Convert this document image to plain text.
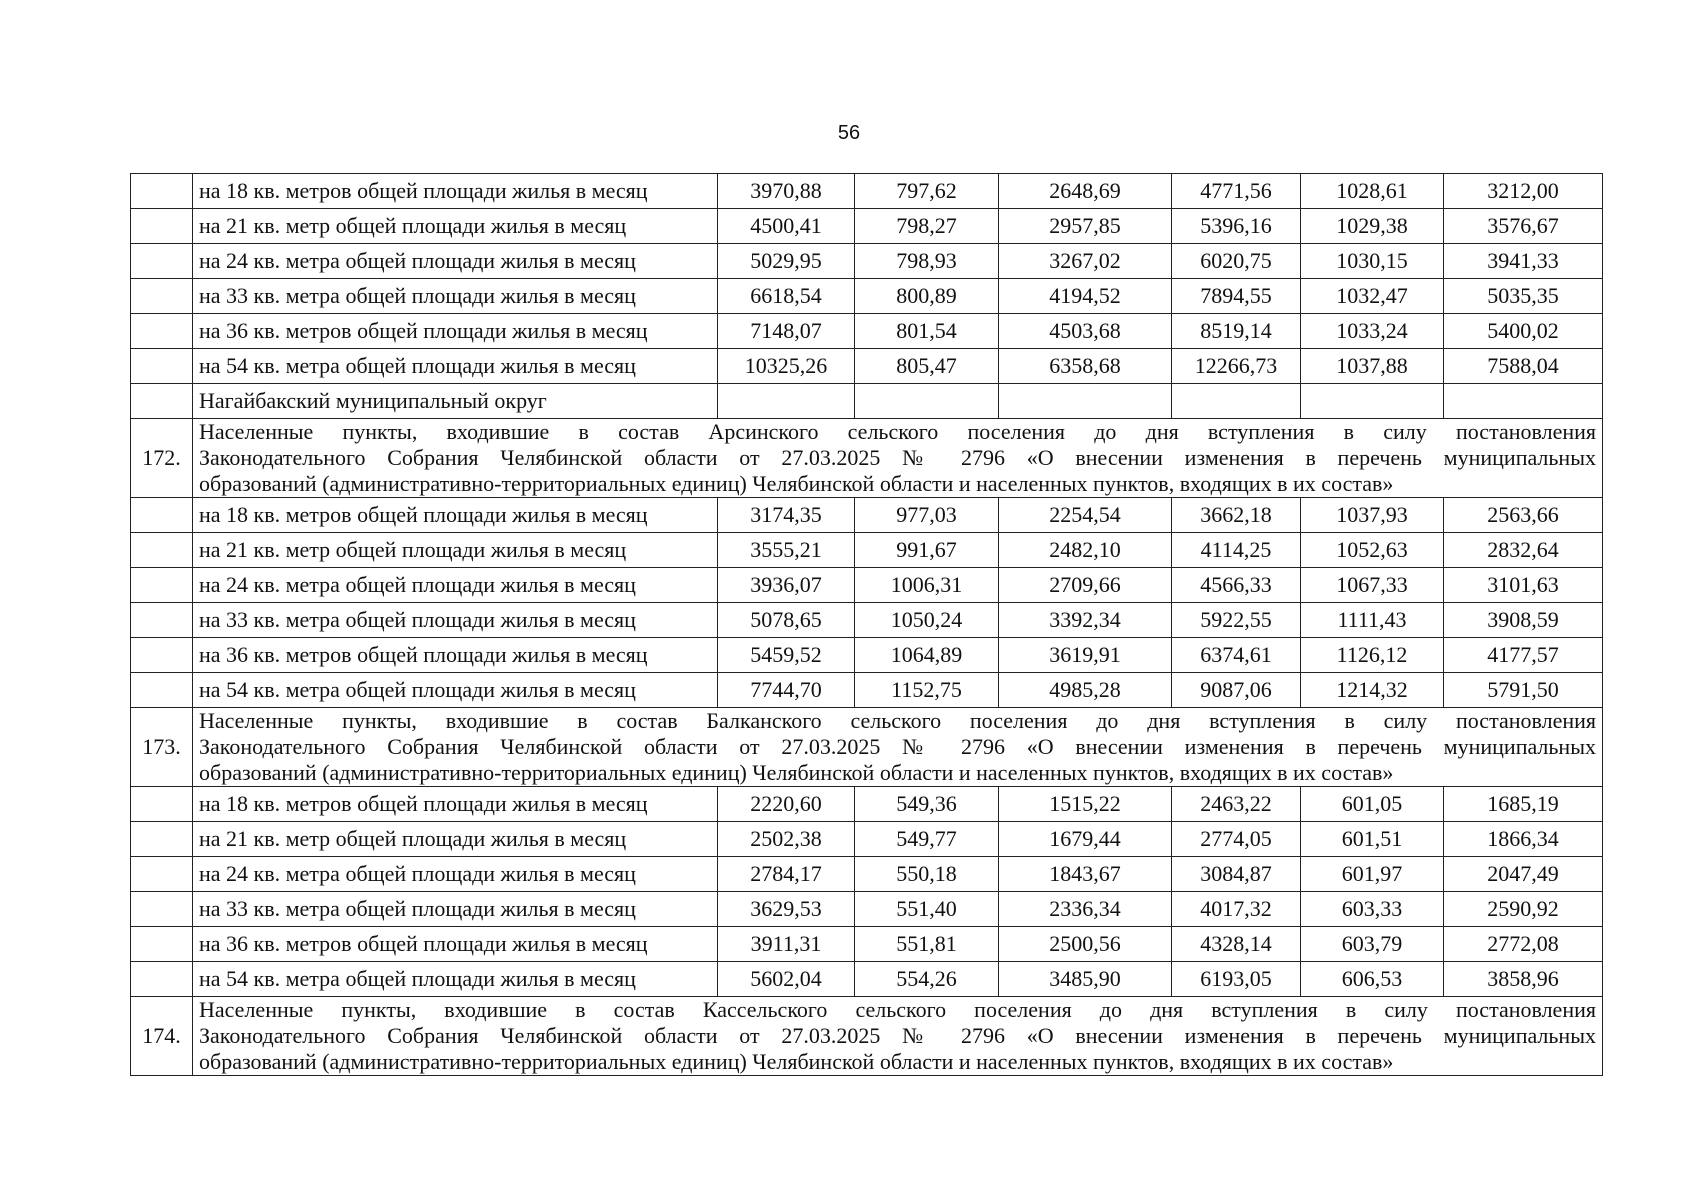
56
	на 18 кв. метров общей площади жилья в месяц	3970,88	797,62	2648,69	4771,56	1028,61	3212,00
	на 21 кв. метр общей площади жилья в месяц	4500,41	798,27	2957,85	5396,16	1029,38	3576,67
	на 24 кв. метра общей площади жилья в месяц	5029,95	798,93	3267,02	6020,75	1030,15	3941,33
	на 33 кв. метра общей площади жилья в месяц	6618,54	800,89	4194,52	7894,55	1032,47	5035,35
	на 36 кв. метров общей площади жилья в месяц	7148,07	801,54	4503,68	8519,14	1033,24	5400,02
	на 54 кв. метра общей площади жилья в месяц	10325,26	805,47	6358,68	12266,73	1037,88	7588,04
	Нагайбакский муниципальный округ						
172.	Населенные пункты, входившие в состав Арсинского сельского поселения до дня вступления в силу постановления
Законодательного Собрания Челябинской области от 27.03.2025 № 2796 «О внесении изменения в перечень муниципальных
образований (административно-территориальных единиц) Челябинской области и населенных пунктов, входящих в их состав»						

	на 18 кв. метров общей площади жилья в месяц	3174,35	977,03	2254,54	3662,18	1037,93	2563,66
	на 21 кв. метр общей площади жилья в месяц	3555,21	991,67	2482,10	4114,25	1052,63	2832,64
	на 24 кв. метра общей площади жилья в месяц	3936,07	1006,31	2709,66	4566,33	1067,33	3101,63
	на 33 кв. метра общей площади жилья в месяц	5078,65	1050,24	3392,34	5922,55	1111,43	3908,59
	на 36 кв. метров общей площади жилья в месяц	5459,52	1064,89	3619,91	6374,61	1126,12	4177,57
	на 54 кв. метра общей площади жилья в месяц	7744,70	1152,75	4985,28	9087,06	1214,32	5791,50
173.	Населенные пункты, входившие в состав Балканского сельского поселения до дня вступления в силу постановления
Законодательного Собрания Челябинской области от 27.03.2025 № 2796 «О внесении изменения в перечень муниципальных
образований (административно-территориальных единиц) Челябинской области и населенных пунктов, входящих в их состав»						

	на 18 кв. метров общей площади жилья в месяц	2220,60	549,36	1515,22	2463,22	601,05	1685,19
	на 21 кв. метр общей площади жилья в месяц	2502,38	549,77	1679,44	2774,05	601,51	1866,34
	на 24 кв. метра общей площади жилья в месяц	2784,17	550,18	1843,67	3084,87	601,97	2047,49
	на 33 кв. метра общей площади жилья в месяц	3629,53	551,40	2336,34	4017,32	603,33	2590,92
	на 36 кв. метров общей площади жилья в месяц	3911,31	551,81	2500,56	4328,14	603,79	2772,08
	на 54 кв. метра общей площади жилья в месяц	5602,04	554,26	3485,90	6193,05	606,53	3858,96
174.	Населенные пункты, входившие в состав Кассельского сельского поселения до дня вступления в силу постановления
Законодательного Собрания Челябинской области от 27.03.2025 № 2796 «О внесении изменения в перечень муниципальных
образований (административно-территориальных единиц) Челябинской области и населенных пунктов, входящих в их состав»						
